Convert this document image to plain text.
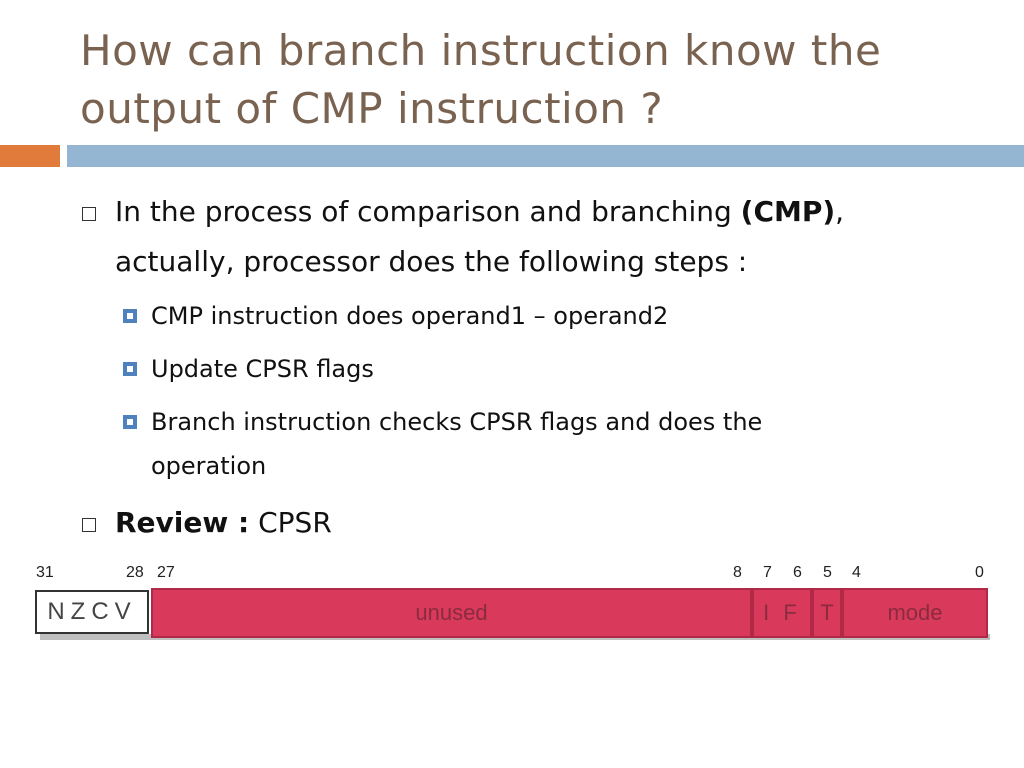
How can branch instruction know the
output of CMP instruction ?
In the process of comparison and branching (CMP),
actually, processor does the following steps :
CMP instruction does operand1 – operand2
Update CPSR flags
Branch instruction checks CPSR flags and does the
operation
Review : CPSR
31	28 27	8 7 6 5 4	0
NZCV	unused	I F T	mode
